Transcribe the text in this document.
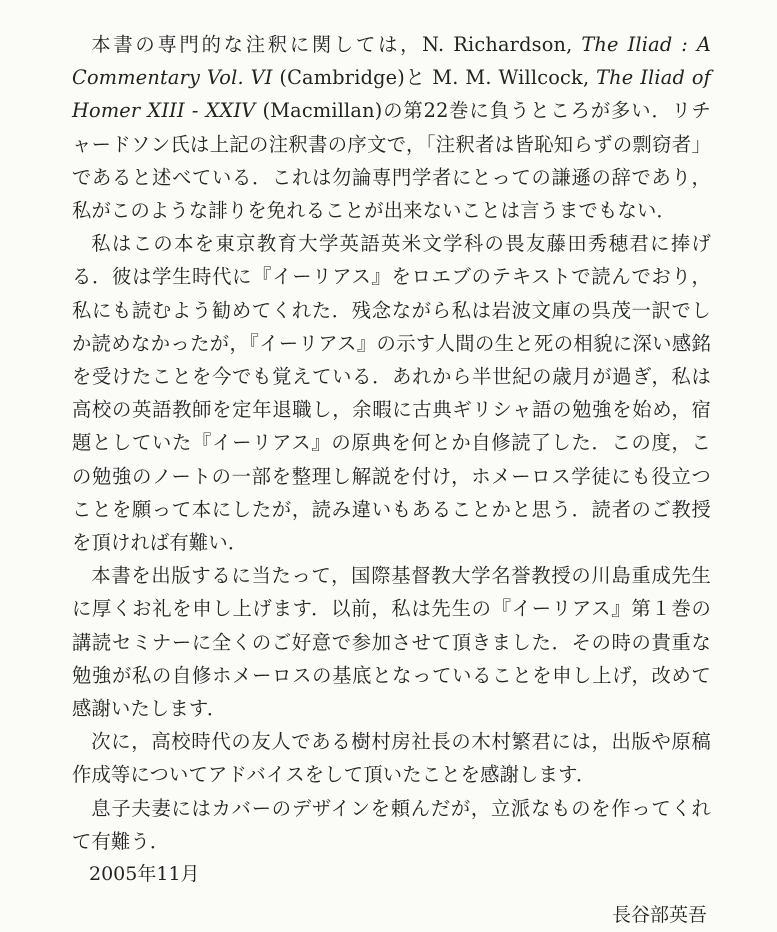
本書の専門的な注釈に関しては，N. Richardson, The Iliad : A Commentary Vol. VI (Cambridge)と M. M. Willcock, The Iliad of Homer XIII - XXIV (Macmillan)の第22巻に負うところが多い．リチャードソン氏は上記の注釈書の序文で，「注釈者は皆恥知らずの剽窃者」であると述べている．これは勿論専門学者にとっての謙遜の辞であり，私がこのような誹りを免れることが出来ないことは言うまでもない．

私はこの本を東京教育大学英語英米文学科の畏友藤田秀穂君に捧げる．彼は学生時代に『イーリアス』をロエブのテキストで読んでおり，私にも読むよう勧めてくれた．残念ながら私は岩波文庫の呉茂一訳でしか読めなかったが，『イーリアス』の示す人間の生と死の相貌に深い感銘を受けたことを今でも覚えている．あれから半世紀の歳月が過ぎ，私は高校の英語教師を定年退職し，余暇に古典ギリシャ語の勉強を始め，宿題としていた『イーリアス』の原典を何とか自修読了した．この度，この勉強のノートの一部を整理し解説を付け，ホメーロス学徒にも役立つことを願って本にしたが，読み違いもあることかと思う．読者のご教授を頂ければ有難い．

本書を出版するに当たって，国際基督教大学名誉教授の川島重成先生に厚くお礼を申し上げます．以前，私は先生の『イーリアス』第１巻の講読セミナーに全くのご好意で参加させて頂きました．その時の貴重な勉強が私の自修ホメーロスの基底となっていることを申し上げ，改めて感謝いたします．

次に，高校時代の友人である樹村房社長の木村繁君には，出版や原稿作成等についてアドバイスをして頂いたことを感謝します．

息子夫妻にはカバーのデザインを頼んだが，立派なものを作ってくれて有難う．

2005年11月

長谷部英吾
